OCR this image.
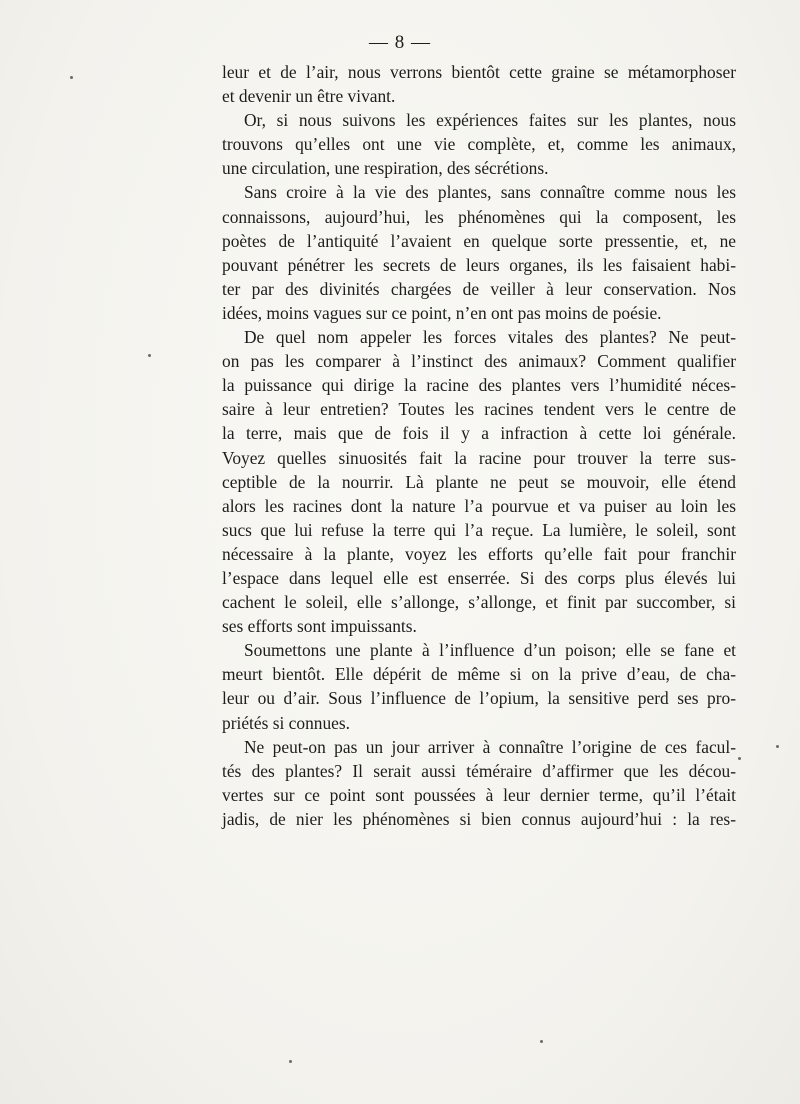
— 8 —
leur et de l’air, nous verrons bientôt cette graine se métamorphoser
et devenir un être vivant.
Or, si nous suivons les expériences faites sur les plantes, nous
trouvons qu’elles ont une vie complète, et, comme les animaux,
une circulation, une respiration, des sécrétions.
Sans croire à la vie des plantes, sans connaître comme nous les
connaissons, aujourd’hui, les phénomènes qui la composent, les
poètes de l’antiquité l’avaient en quelque sorte pressentie, et, ne
pouvant pénétrer les secrets de leurs organes, ils les faisaient habi-
ter par des divinités chargées de veiller à leur conservation. Nos
idées, moins vagues sur ce point, n’en ont pas moins de poésie.
De quel nom appeler les forces vitales des plantes? Ne peut-
on pas les comparer à l’instinct des animaux? Comment qualifier
la puissance qui dirige la racine des plantes vers l’humidité néces-
saire à leur entretien? Toutes les racines tendent vers le centre de
la terre, mais que de fois il y a infraction à cette loi générale.
Voyez quelles sinuosités fait la racine pour trouver la terre sus-
ceptible de la nourrir. Là plante ne peut se mouvoir, elle étend
alors les racines dont la nature l’a pourvue et va puiser au loin les
sucs que lui refuse la terre qui l’a reçue. La lumière, le soleil, sont
nécessaire à la plante, voyez les efforts qu’elle fait pour franchir
l’espace dans lequel elle est enserrée. Si des corps plus élevés lui
cachent le soleil, elle s’allonge, s’allonge, et finit par succomber, si
ses efforts sont impuissants.
Soumettons une plante à l’influence d’un poison; elle se fane et
meurt bientôt. Elle dépérit de même si on la prive d’eau, de cha-
leur ou d’air. Sous l’influence de l’opium, la sensitive perd ses pro-
priétés si connues.
Ne peut-on pas un jour arriver à connaître l’origine de ces facul-
tés des plantes? Il serait aussi téméraire d’affirmer que les décou-
vertes sur ce point sont poussées à leur dernier terme, qu’il l’était
jadis, de nier les phénomènes si bien connus aujourd’hui : la res-
